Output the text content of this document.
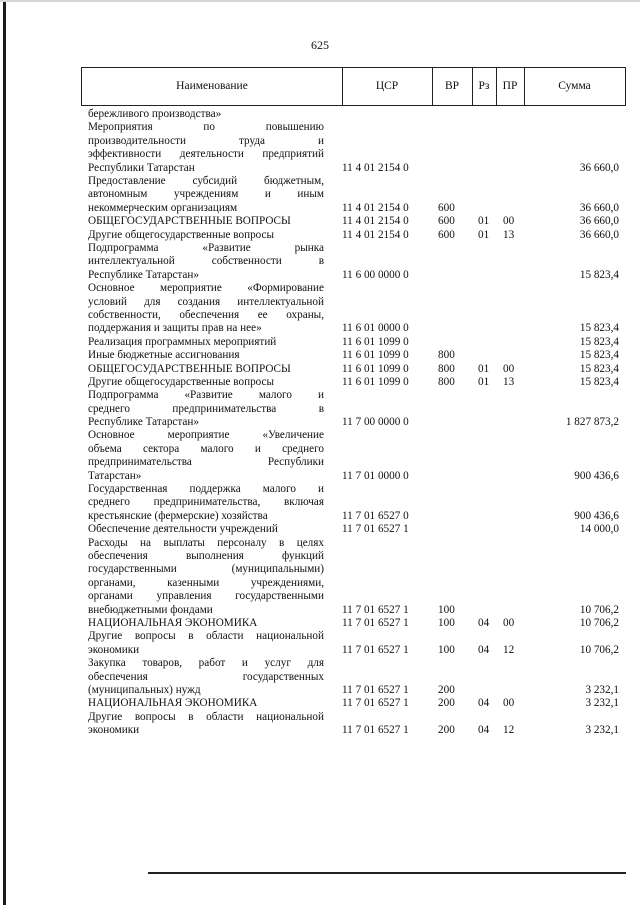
625
Наименование	ЦСР	ВР	Рз	ПР	Сумма
бережливого производства»
Мероприятия по повышению
производительности труда и
эффективности деятельности предприятий
Республики Татарстан	11 4 01 2154 0	36 660,0
Предоставление субсидий бюджетным,
автономным учреждениям и иным
некоммерческим организациям	11 4 01 2154 0	600	36 660,0
ОБЩЕГОСУДАРСТВЕННЫЕ ВОПРОСЫ	11 4 01 2154 0	600 01 00	36 660,0
Другие общегосударственные вопросы	11 4 01 2154 0	600 01 13	36 660,0
Подпрограмма «Развитие рынка
интеллектуальной собственности в
Республике Татарстан»	11 6 00 0000 0	15 823,4
Основное мероприятие «Формирование
условий для создания интеллектуальной
собственности, обеспечения ее охраны,
поддержания и защиты прав на нее»	11 6 01 0000 0	15 823,4
Реализация программных мероприятий	11 6 01 1099 0	15 823,4
Иные бюджетные ассигнования	11 6 01 1099 0	800	15 823,4
ОБЩЕГОСУДАРСТВЕННЫЕ ВОПРОСЫ	11 6 01 1099 0	800 01 00	15 823,4
Другие общегосударственные вопросы	11 6 01 1099 0	800 01 13	15 823,4
Подпрограмма «Развитие малого и
среднего предпринимательства в
Республике Татарстан»	11 7 00 0000 0	1 827 873,2
Основное мероприятие «Увеличение
объема сектора малого и среднего
предпринимательства Республики
Татарстан»	11 7 01 0000 0	900 436,6
Государственная поддержка малого и
среднего предпринимательства, включая
крестьянские (фермерские) хозяйства	11 7 01 6527 0	900 436,6
Обеспечение деятельности учреждений	11 7 01 6527 1	14 000,0
Расходы на выплаты персоналу в целях
обеспечения выполнения функций
государственными (муниципальными)
органами, казенными учреждениями,
органами управления государственными
внебюджетными фондами	11 7 01 6527 1	100	10 706,2
НАЦИОНАЛЬНАЯ ЭКОНОМИКА	11 7 01 6527 1	100 04 00	10 706,2
Другие вопросы в области национальной
экономики	11 7 01 6527 1	100 04 12	10 706,2
Закупка товаров, работ и услуг для
обеспечения государственных
(муниципальных) нужд	11 7 01 6527 1	200	3 232,1
НАЦИОНАЛЬНАЯ ЭКОНОМИКА	11 7 01 6527 1	200 04 00	3 232,1
Другие вопросы в области национальной
экономики	11 7 01 6527 1	200 04 12	3 232,1
